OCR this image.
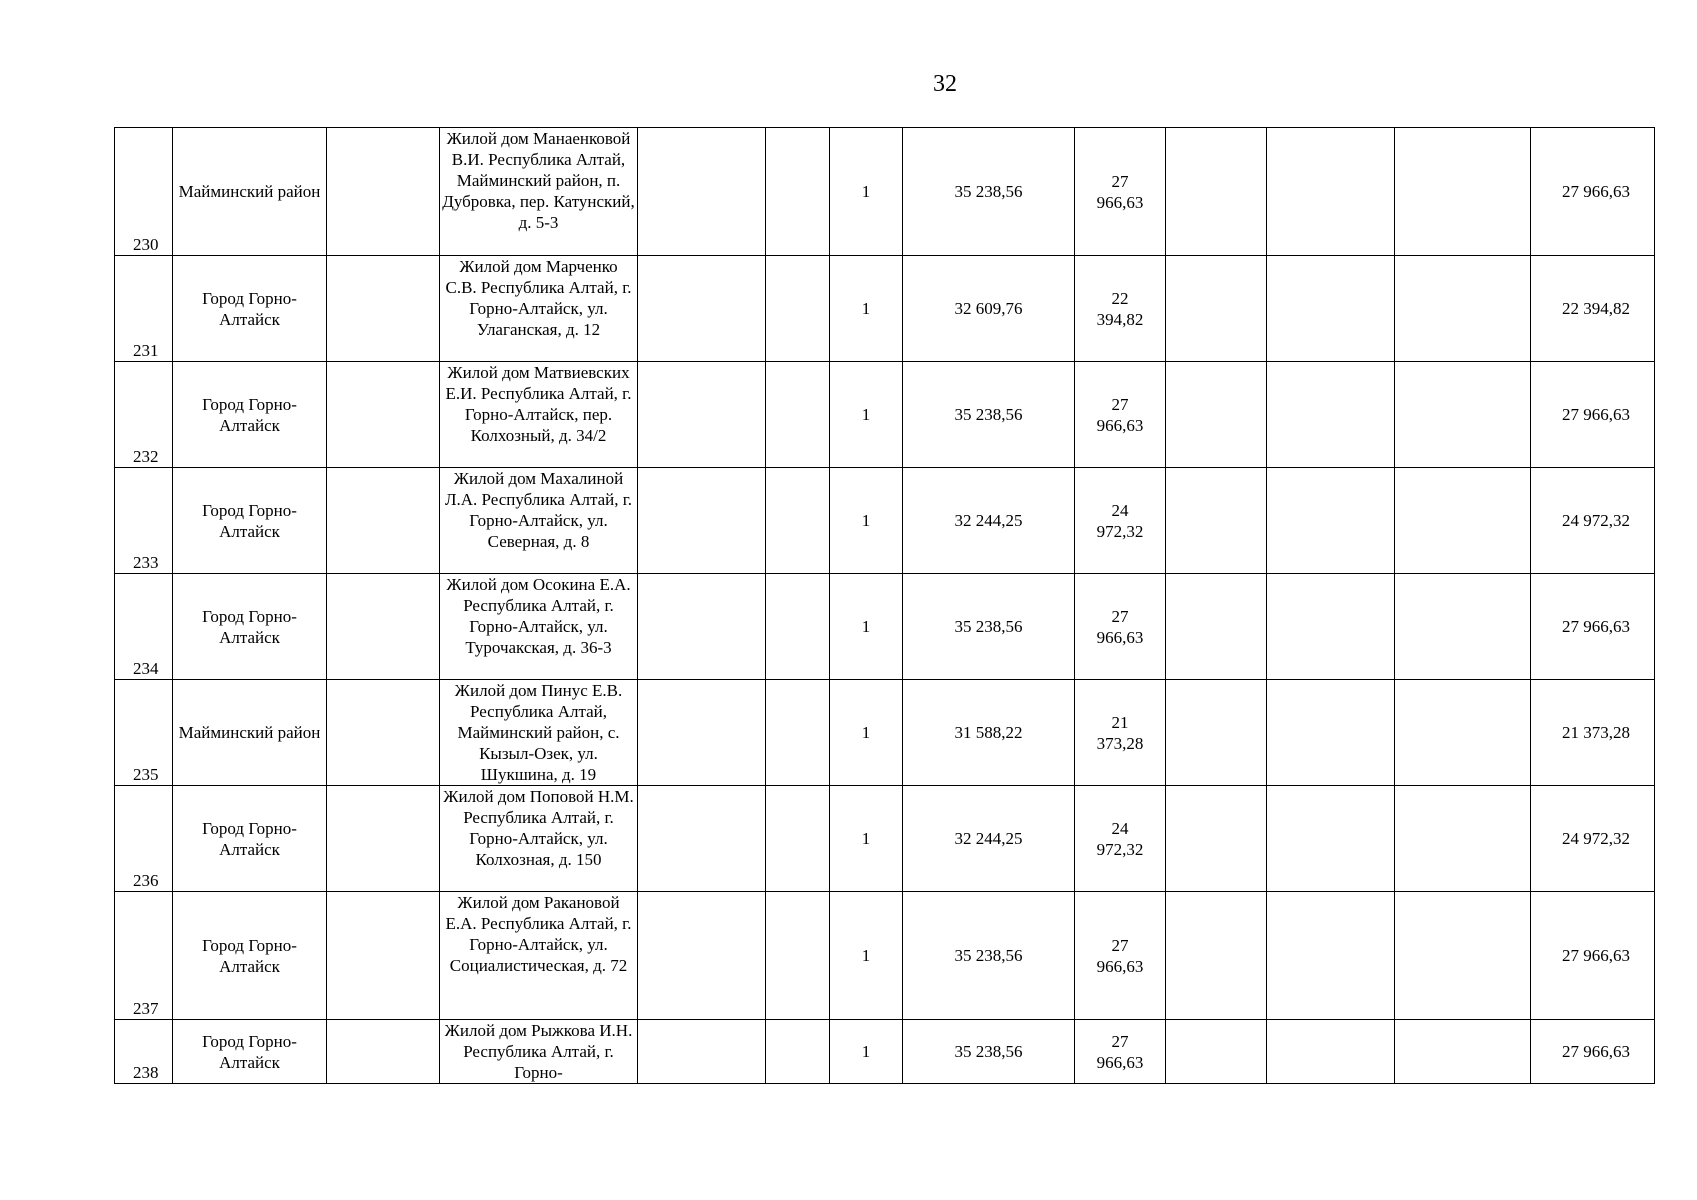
32
230	Майминский район		Жилой дом Манаенковой В.И. Республика Алтай, Майминский район, п. Дубровка, пер. Катунский, д. 5-3			1	35 238,56	27 966,63				27 966,63
231	Город Горно-Алтайск		Жилой дом Марченко С.В. Республика Алтай, г. Горно-Алтайск, ул. Улаганская, д. 12			1	32 609,76	22 394,82				22 394,82
232	Город Горно-Алтайск		Жилой дом Матвиевских Е.И. Республика Алтай, г. Горно-Алтайск, пер. Колхозный, д. 34/2			1	35 238,56	27 966,63				27 966,63
233	Город Горно-Алтайск		Жилой дом Махалиной Л.А. Республика Алтай, г. Горно-Алтайск, ул. Северная, д. 8			1	32 244,25	24 972,32				24 972,32
234	Город Горно-Алтайск		Жилой дом Осокина Е.А. Республика Алтай, г. Горно-Алтайск, ул. Турочакская, д. 36-3			1	35 238,56	27 966,63				27 966,63
235	Майминский район		Жилой дом Пинус Е.В. Республика Алтай, Майминский район, с. Кызыл-Озек, ул. Шукшина, д. 19			1	31 588,22	21 373,28				21 373,28
236	Город Горно-Алтайск		Жилой дом Поповой Н.М. Республика Алтай, г. Горно-Алтайск, ул. Колхозная, д. 150			1	32 244,25	24 972,32				24 972,32
237	Город Горно-Алтайск		Жилой дом Ракановой Е.А. Республика Алтай, г. Горно-Алтайск, ул. Социалистическая, д. 72			1	35 238,56	27 966,63				27 966,63
238	Город Горно-Алтайск		Жилой дом Рыжкова И.Н. Республика Алтай, г. Горно-			1	35 238,56	27 966,63				27 966,63
